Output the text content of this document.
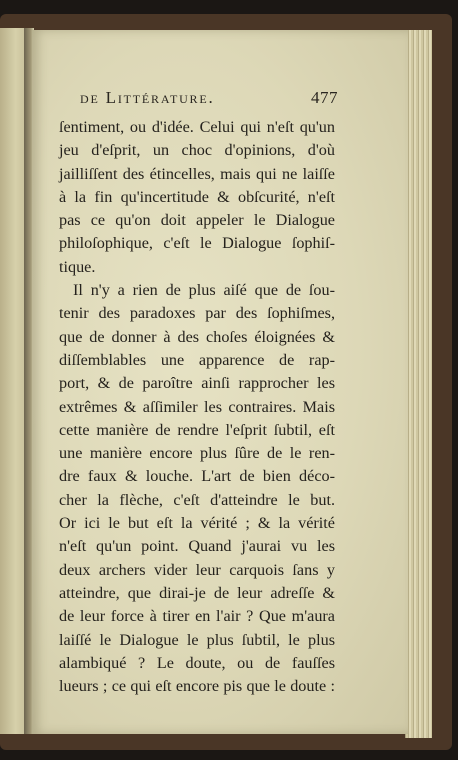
de Littérature.	477
ſentiment, ou d'idée. Celui qui n'eſt qu'un
jeu d'eſprit, un choc d'opinions, d'où
jailliſſent des étincelles, mais qui ne laiſſe
à la fin qu'incertitude & obſcurité, n'eſt
pas ce qu'on doit appeler le Dialogue
philoſophique, c'eſt le Dialogue ſophiſ-
tique.
Il n'y a rien de plus aiſé que de ſou-
tenir des paradoxes par des ſophiſmes,
que de donner à des choſes éloignées &
diſſemblables une apparence de rap-
port, & de paroître ainſi rapprocher les
extrêmes & aſſimiler les contraires. Mais
cette manière de rendre l'eſprit ſubtil, eſt
une manière encore plus ſûre de le ren-
dre faux & louche. L'art de bien déco-
cher la flèche, c'eſt d'atteindre le but.
Or ici le but eſt la vérité ; & la vérité
n'eſt qu'un point. Quand j'aurai vu les
deux archers vider leur carquois ſans y
atteindre, que dirai-je de leur adreſſe &
de leur force à tirer en l'air ? Que m'aura
laiſſé le Dialogue le plus ſubtil, le plus
alambiqué ? Le doute, ou de fauſſes
lueurs ; ce qui eſt encore pis que le doute :
